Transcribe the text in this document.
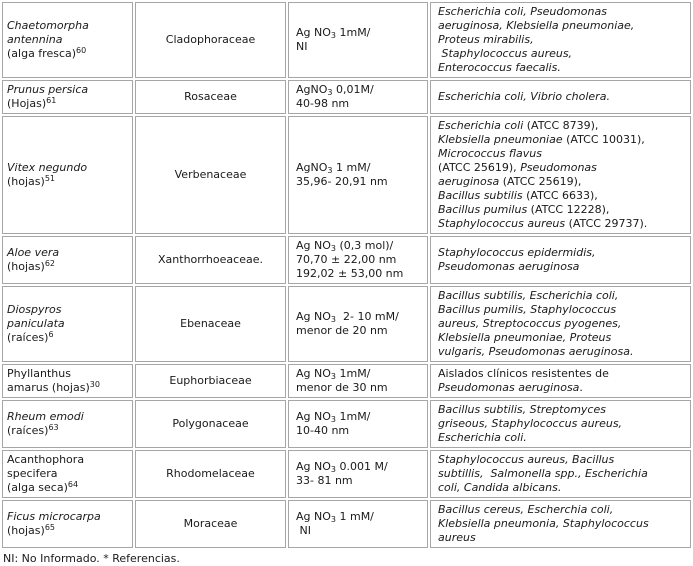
Chaetomorpha
antennina
(alga fresca)$^{60}$	Cladophoraceae	Ag $NO_3$ 1mM/
NI	Escherichia coli, Pseudomonas
aeruginosa, Klebsiella pneumoniae,
Proteus mirabilis,
Staphylococcus aureus,
Enterococcus faecalis.
Prunus persica
(Hojas)$^{61}$	Rosaceae	AgNO$_3$ 0,01M/
40-98 nm	Escherichia coli, Vibrio cholera.
Vitex negundo
(hojas)$^{51}$	Verbenaceae	AgNO$_3$ 1 mM/
35,96- 20,91 nm	Escherichia coli (ATCC 8739),
Klebsiella pneumoniae (ATCC 10031),
Micrococcus flavus
(ATCC 25619), Pseudomonas
aeruginosa (ATCC 25619),
Bacillus subtilis (ATCC 6633),
Bacillus pumilus (ATCC 12228),
Staphylococcus aureus (ATCC 29737).
Aloe vera
(hojas)$^{62}$	Xanthorrhoeaceae.	Ag $NO_3$ (0,3 mol)/
70,70 ± 22,00 nm
192,02 ± 53,00 nm	Staphylococcus epidermidis,
Pseudomonas aeruginosa
Diospyros
paniculata
(raíces)$^6$	Ebenaceae	Ag $NO_3$  2- 10 mM/
menor de 20 nm	Bacillus subtilis, Escherichia coli,
Bacillus pumilis, Staphylococcus
aureus, Streptococcus pyogenes,
Klebsiella pneumoniae, Proteus
vulgaris, Pseudomonas aeruginosa.
Phyllanthus
amarus (hojas)$^{30}$	Euphorbiaceae	Ag $NO_3$ 1mM/
menor de 30 nm	Aislados clínicos resistentes de
Pseudomonas aeruginosa.
Rheum emodi
(raíces)$^{63}$	Polygonaceae	Ag $NO_3$ 1mM/
10-40 nm	Bacillus subtilis, Streptomyces
griseous, Staphylococcus aureus,
Escherichia coli.
Acanthophora
specifera
(alga seca)$^{64}$	Rhodomelaceae	Ag $NO_3$ 0.001 M/
33- 81 nm	Staphylococcus aureus, Bacillus
subtillis,  Salmonella spp., Escherichia
coli, Candida albicans.
Ficus microcarpa
(hojas)$^{65}$	Moraceae	Ag $NO_3$ 1 mM/
NI	Bacillus cereus, Escherchia coli,
Klebsiella pneumonia, Staphylococcus
aureus
NI: No Informado. * Referencias.
